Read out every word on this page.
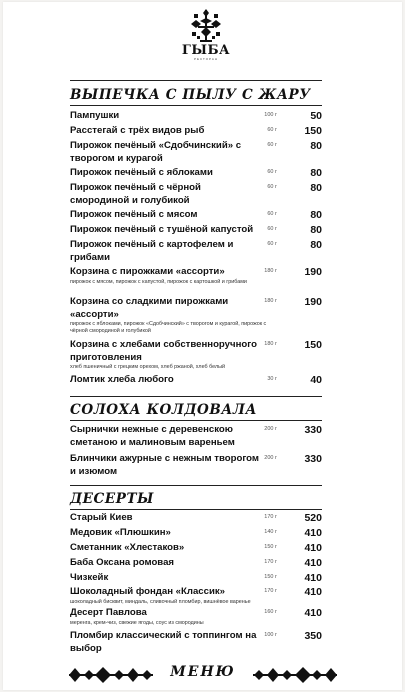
ГЫБА
РЕСТОРАН
ВЫПЕЧКА С ПЫЛУ С ЖАРУ
Пампушки	100 г	50
Расстегай с трёх видов рыб	60 г	150
Пирожок печёный «Сдобчинский» с творогом и курагой
60 г	80
Пирожок печёный с яблоками	60 г	80
Пирожок печёный с чёрной смородиной и голубикой
60 г	80
Пирожок печёный с мясом	60 г	80
Пирожок печёный с тушёной капустой	60 г	80
Пирожок печёный с картофелем и грибами
60 г	80
Корзина с пирожками «ассорти»
пирожок с мясом, пирожок с капустой, пирожок с картошкой и грибами
180 г	190
Корзина со сладкими пирожками «ассорти»
пирожок с яблоками, пирожок «Сдобчинский» с творогом и курагой, пирожок с чёрной смородиной и голубикой
180 г	190
Корзина с хлебами собственноручного приготовления
хлеб пшеничный с грецким орехом, хлеб ржаной, хлеб белый
180 г	150
Ломтик хлеба любого	30 г	40
СОЛОХА КОЛДОВАЛА
Сырнички нежные с деревенскою сметаною и малиновым вареньем
200 г	330
Блинчики ажурные с нежным творогом и изюмом
200 г	330
ДЕСЕРТЫ
Старый Киев	170 г	520
Медовик «Плюшкин»	140 г	410
Сметанник «Хлестаков»	150 г	410
Баба Оксана ромовая	170 г	410
Чизкейк	150 г	410
Шоколадный фондан «Классик»
шоколадный бисквит, миндаль, сливочный пломбир, вишнёвое варенье
170 г	410
Десерт Павлова
меренга, крем-чиз, свежие ягоды, соус из смородины
160 г	410
Пломбир классический с топпингом на выбор
100 г	350
МЕНЮ
